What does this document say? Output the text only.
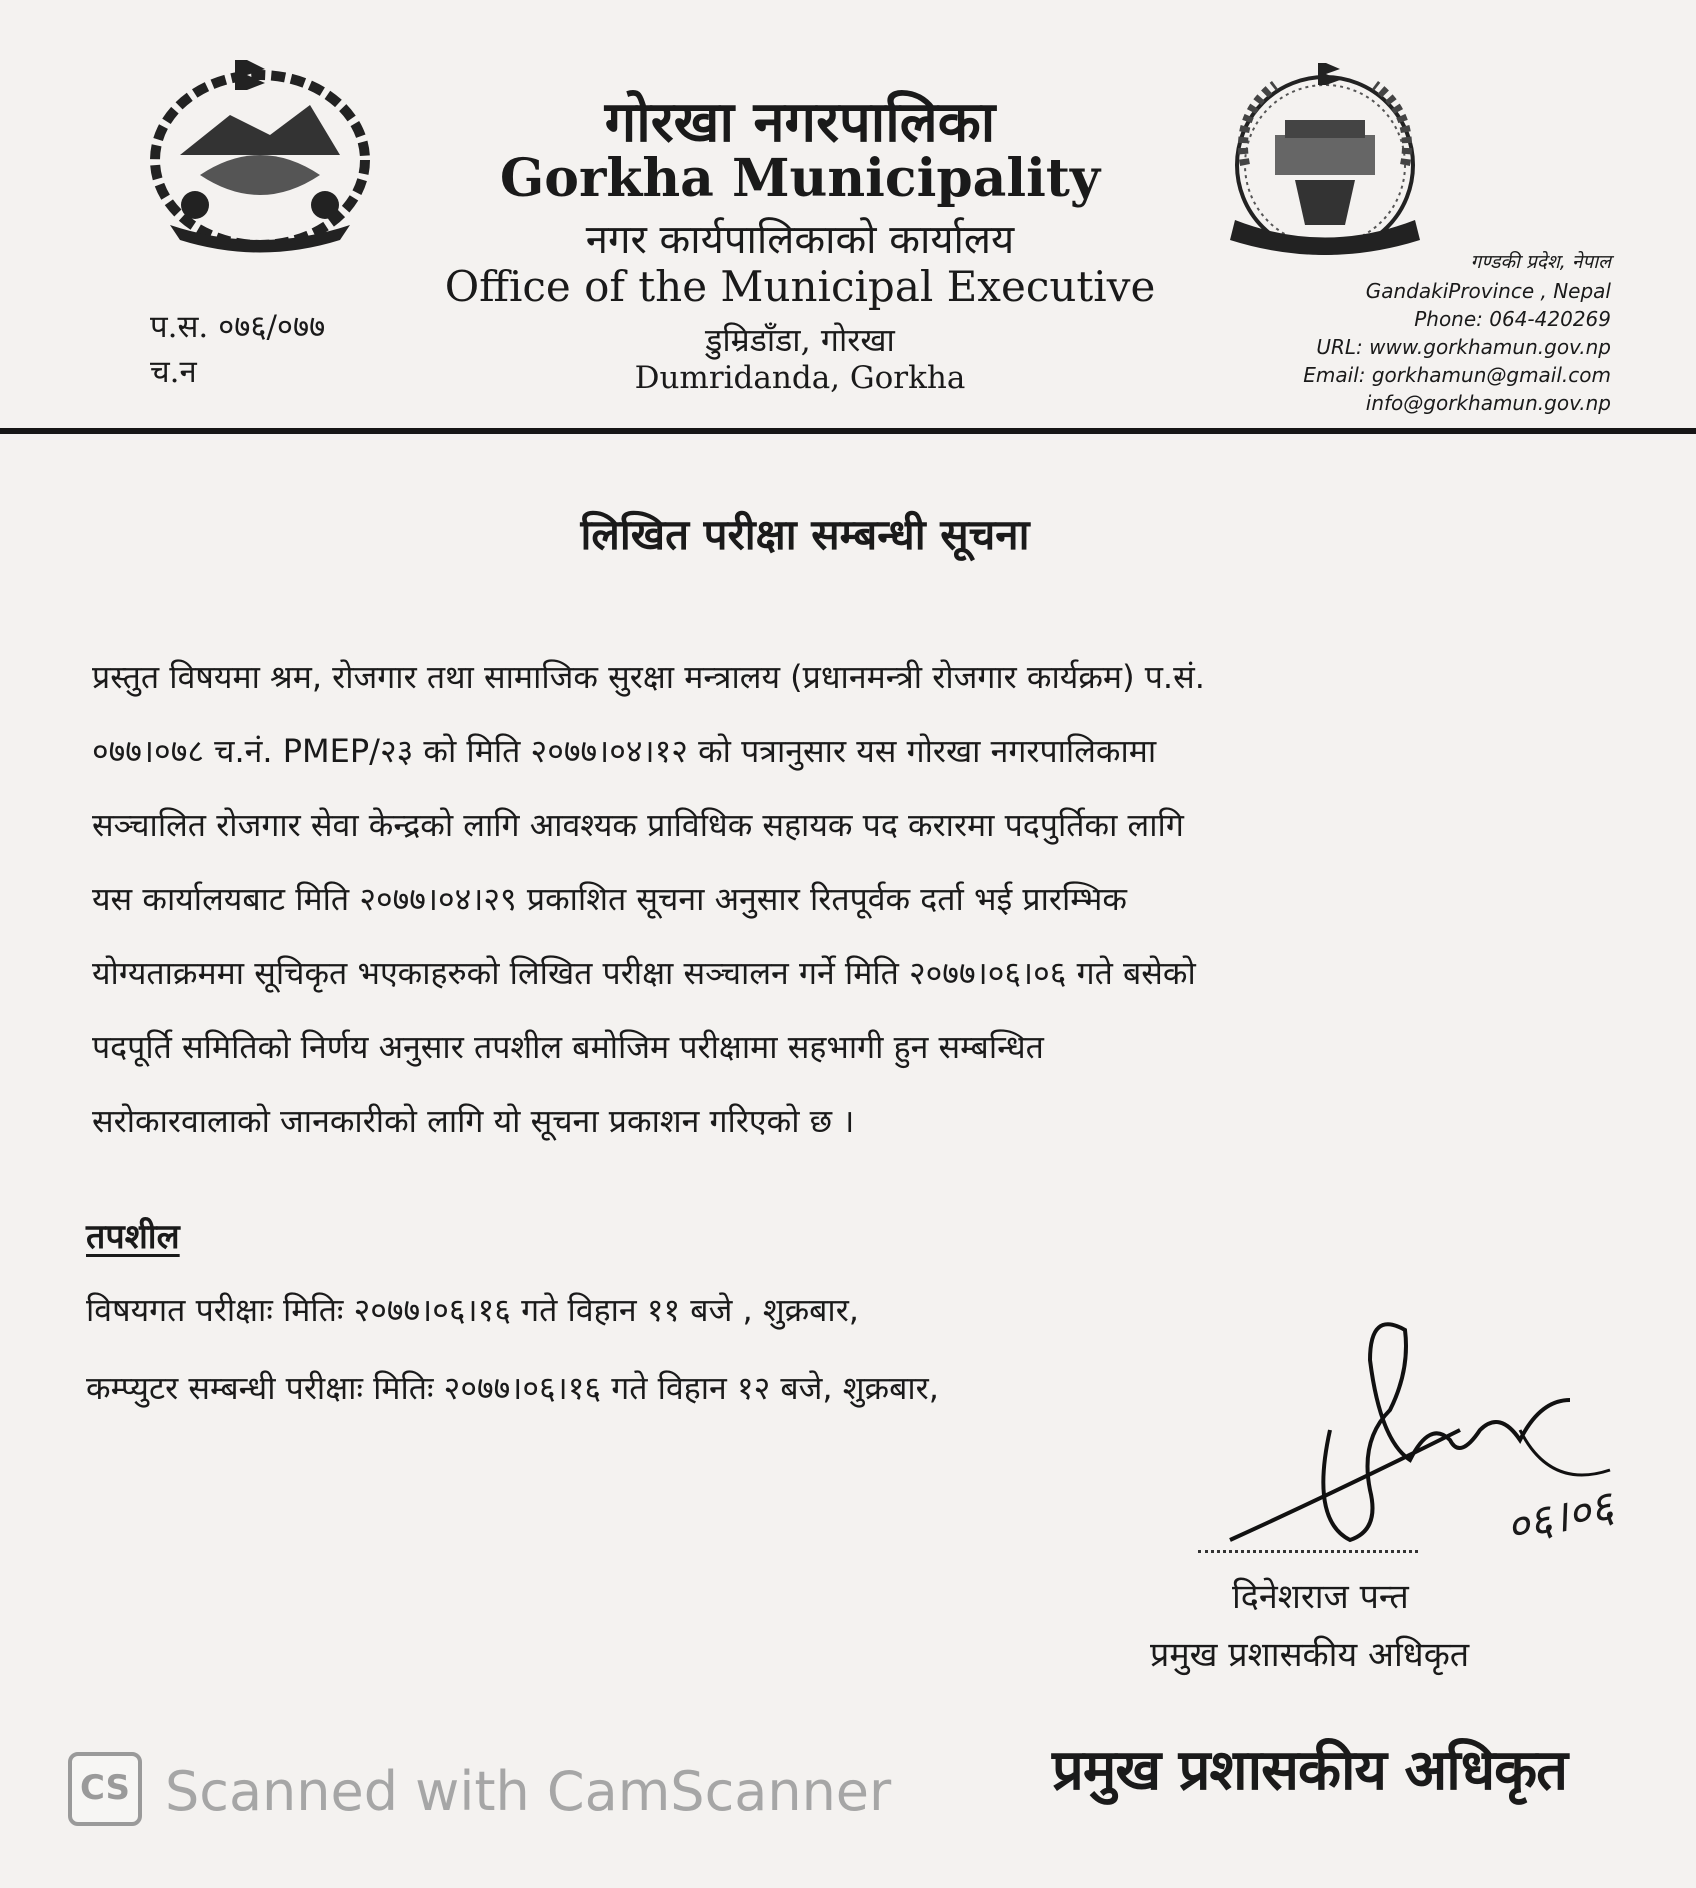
गोरखा नगरपालिका
Gorkha Municipality
नगर कार्यपालिकाको कार्यालय
Office of the Municipal Executive
डुम्रिडाँडा, गोरखा
Dumridanda, Gorkha
प.स. ०७६/०७७
च.न
गण्डकी प्रदेश, नेपाल
GandakiProvince , Nepal
Phone: 064-420269
URL: www.gorkhamun.gov.np
Email: gorkhamun@gmail.com
info@gorkhamun.gov.np
लिखित परीक्षा सम्बन्धी सूचना
प्रस्तुत विषयमा श्रम, रोजगार तथा सामाजिक सुरक्षा मन्त्रालय (प्रधानमन्त्री रोजगार कार्यक्रम) प.सं.
०७७।०७८ च.नं. PMEP/२३ को मिति २०७७।०४।१२ को पत्रानुसार यस गोरखा नगरपालिकामा
सञ्चालित रोजगार सेवा केन्द्रको लागि आवश्यक प्राविधिक सहायक पद करारमा पदपुर्तिका लागि
यस कार्यालयबाट मिति २०७७।०४।२९ प्रकाशित सूचना अनुसार रितपूर्वक दर्ता भई प्रारम्भिक
योग्यताक्रममा सूचिकृत भएकाहरुको लिखित परीक्षा सञ्चालन गर्ने मिति २०७७।०६।०६ गते बसेको
पदपूर्ति समितिको निर्णय अनुसार तपशील बमोजिम परीक्षामा सहभागी हुन सम्बन्धित
सरोकारवालाको जानकारीको लागि यो सूचना प्रकाशन गरिएको छ ।
तपशील
विषयगत परीक्षाः मितिः २०७७।०६।१६ गते विहान ११ बजे , शुक्रबार,
कम्प्युटर सम्बन्धी परीक्षाः मितिः २०७७।०६।१६ गते विहान १२ बजे, शुक्रबार,
०६।०६
दिनेशराज पन्त
प्रमुख प्रशासकीय अधिकृत
प्रमुख प्रशासकीय अधिकृत
CS Scanned with CamScanner
